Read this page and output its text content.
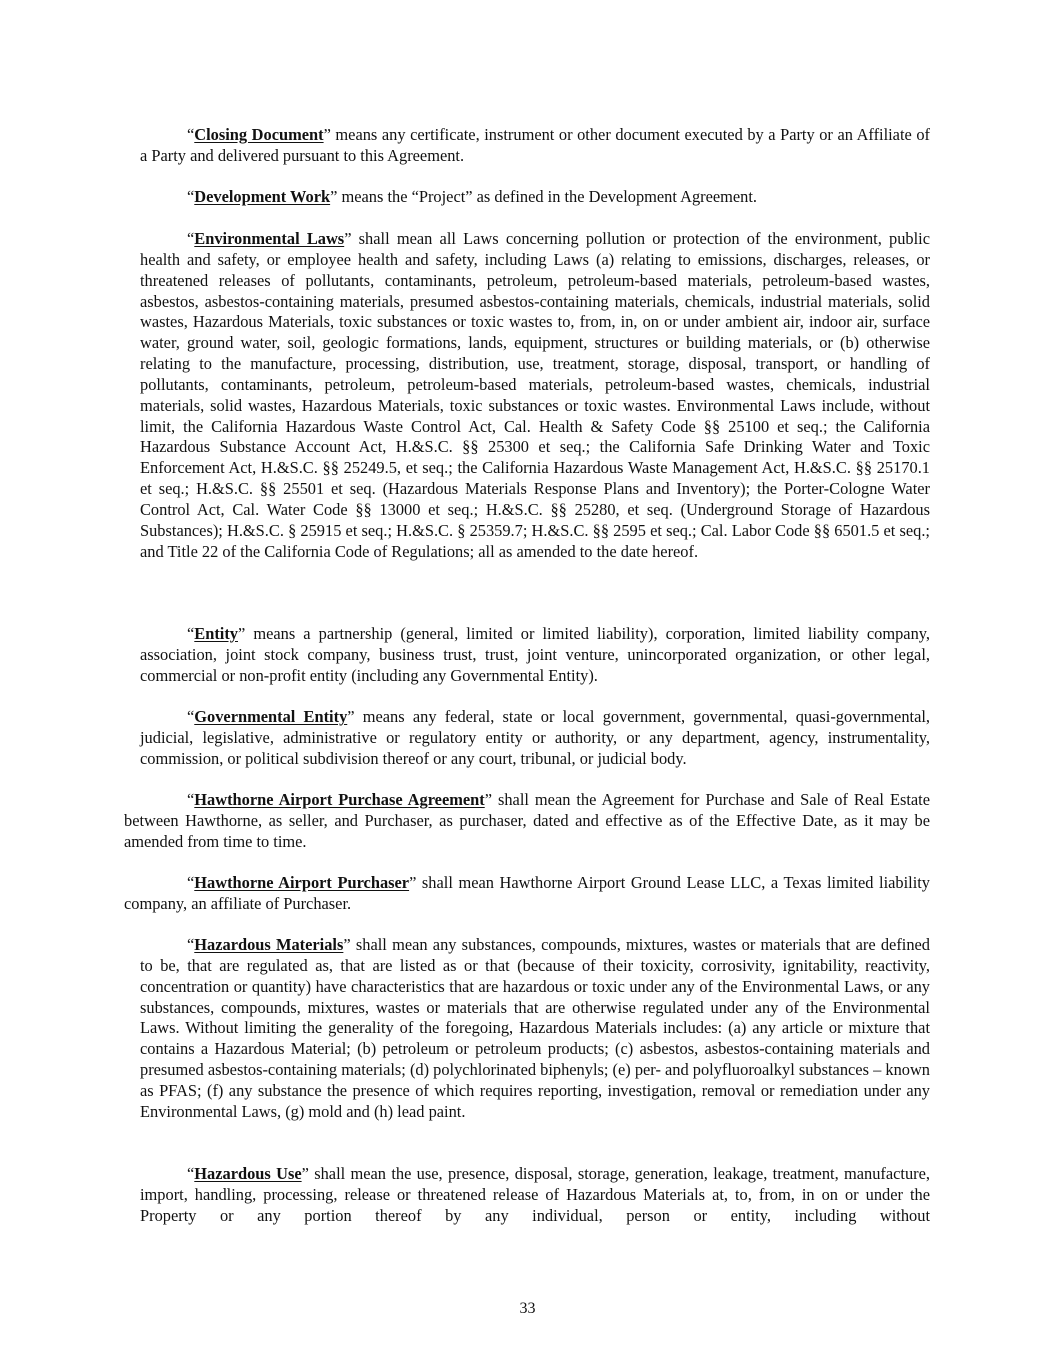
“Closing Document” means any certificate, instrument or other document executed by a Party or an Affiliate of a Party and delivered pursuant to this Agreement.

“Development Work” means the “Project” as defined in the Development Agreement.

“Environmental Laws” shall mean all Laws concerning pollution or protection of the environment, public health and safety, or employee health and safety, including Laws (a) relating to emissions, discharges, releases, or threatened releases of pollutants, contaminants, petroleum, petroleum-based materials, petroleum-based wastes, asbestos, asbestos-containing materials, presumed asbestos-containing materials, chemicals, industrial materials, solid wastes, Hazardous Materials, toxic substances or toxic wastes to, from, in, on or under ambient air, indoor air, surface water, ground water, soil, geologic formations, lands, equipment, structures or building materials, or (b) otherwise relating to the manufacture, processing, distribution, use, treatment, storage, disposal, transport, or handling of pollutants, contaminants, petroleum, petroleum-based materials, petroleum-based wastes, chemicals, industrial materials, solid wastes, Hazardous Materials, toxic substances or toxic wastes. Environmental Laws include, without limit, the California Hazardous Waste Control Act, Cal. Health & Safety Code §§ 25100 et seq.; the California Hazardous Substance Account Act, H.&S.C. §§ 25300 et seq.; the California Safe Drinking Water and Toxic Enforcement Act, H.&S.C. §§ 25249.5, et seq.; the California Hazardous Waste Management Act, H.&S.C. §§ 25170.1 et seq.; H.&S.C. §§ 25501 et seq. (Hazardous Materials Response Plans and Inventory); the Porter-Cologne Water Control Act, Cal. Water Code §§ 13000 et seq.; H.&S.C. §§ 25280, et seq. (Underground Storage of Hazardous Substances); H.&S.C. § 25915 et seq.; H.&S.C. § 25359.7; H.&S.C. §§ 2595 et seq.; Cal. Labor Code §§ 6501.5 et seq.; and Title 22 of the California Code of Regulations; all as amended to the date hereof.

“Entity” means a partnership (general, limited or limited liability), corporation, limited liability company, association, joint stock company, business trust, trust, joint venture, unincorporated organization, or other legal, commercial or non-profit entity (including any Governmental Entity).

“Governmental Entity” means any federal, state or local government, governmental, quasi-governmental, judicial, legislative, administrative or regulatory entity or authority, or any department, agency, instrumentality, commission, or political subdivision thereof or any court, tribunal, or judicial body.

“Hawthorne Airport Purchase Agreement” shall mean the Agreement for Purchase and Sale of Real Estate between Hawthorne, as seller, and Purchaser, as purchaser, dated and effective as of the Effective Date, as it may be amended from time to time.

“Hawthorne Airport Purchaser” shall mean Hawthorne Airport Ground Lease LLC, a Texas limited liability company, an affiliate of Purchaser.

“Hazardous Materials” shall mean any substances, compounds, mixtures, wastes or materials that are defined to be, that are regulated as, that are listed as or that (because of their toxicity, corrosivity, ignitability, reactivity, concentration or quantity) have characteristics that are hazardous or toxic under any of the Environmental Laws, or any substances, compounds, mixtures, wastes or materials that are otherwise regulated under any of the Environmental Laws. Without limiting the generality of the foregoing, Hazardous Materials includes: (a) any article or mixture that contains a Hazardous Material; (b) petroleum or petroleum products; (c) asbestos, asbestos-containing materials and presumed asbestos-containing materials; (d) polychlorinated biphenyls; (e) per- and polyfluoroalkyl substances – known as PFAS; (f) any substance the presence of which requires reporting, investigation, removal or remediation under any Environmental Laws, (g) mold and (h) lead paint.

“Hazardous Use” shall mean the use, presence, disposal, storage, generation, leakage, treatment, manufacture, import, handling, processing, release or threatened release of Hazardous Materials at, to, from, in on or under the Property or any portion thereof by any individual, person or entity, including without

33
